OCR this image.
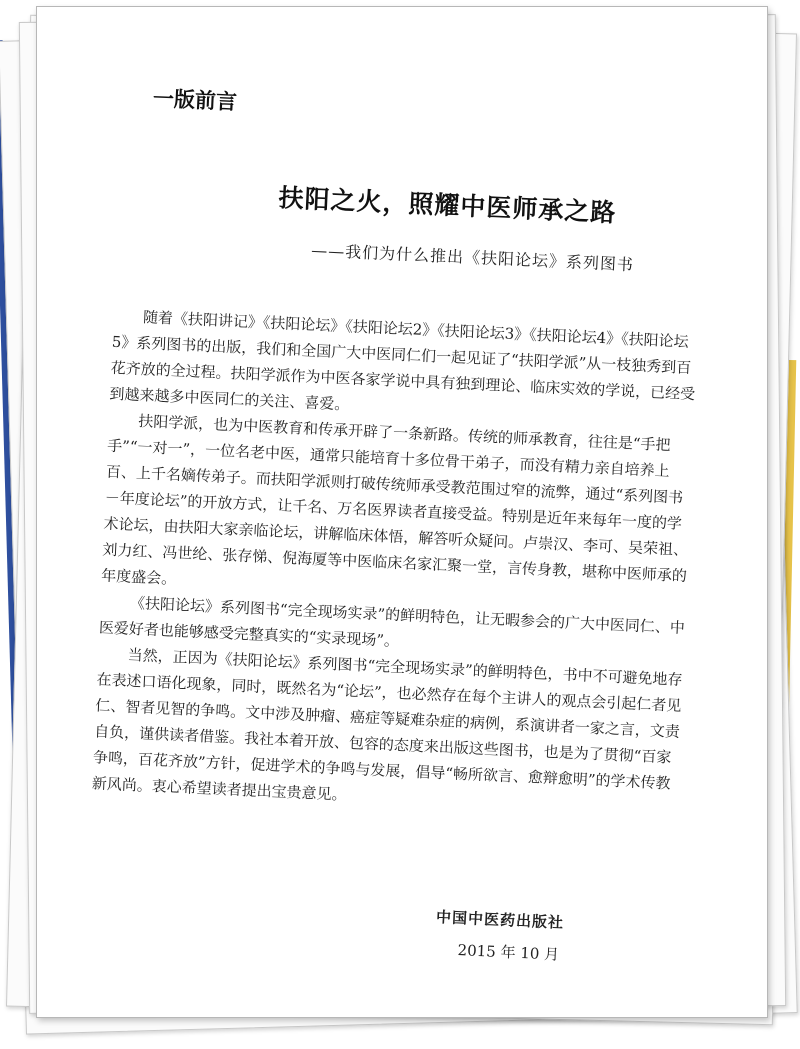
一版前言
扶阳之火，照耀中医师承之路
——我们为什么推出《扶阳论坛》系列图书

随着《扶阳讲记》《扶阳论坛》《扶阳论坛2》《扶阳论坛3》《扶阳论坛4》《扶阳论坛5》系列图书的出版，我们和全国广大中医同仁们一起见证了“扶阳学派”从一枝独秀到百花齐放的全过程。扶阳学派作为中医各家学说中具有独到理论、临床实效的学说，已经受到越来越多中医同仁的关注、喜爱。

扶阳学派，也为中医教育和传承开辟了一条新路。传统的师承教育，往往是“手把手”“一对一”，一位名老中医，通常只能培育十多位骨干弟子，而没有精力亲自培养上百、上千名嫡传弟子。而扶阳学派则打破传统师承受教范围过窄的流弊，通过“系列图书－年度论坛”的开放方式，让千名、万名医界读者直接受益。特别是近年来每年一度的学术论坛，由扶阳大家亲临论坛，讲解临床体悟，解答听众疑问。卢崇汉、李可、吴荣祖、刘力红、冯世纶、张存悌、倪海厦等中医临床名家汇聚一堂，言传身教，堪称中医师承的年度盛会。

《扶阳论坛》系列图书“完全现场实录”的鲜明特色，让无暇参会的广大中医同仁、中医爱好者也能够感受完整真实的“实录现场”。

当然，正因为《扶阳论坛》系列图书“完全现场实录”的鲜明特色，书中不可避免地存在表述口语化现象，同时，既然名为“论坛”，也必然存在每个主讲人的观点会引起仁者见仁、智者见智的争鸣。文中涉及肿瘤、癌症等疑难杂症的病例，系演讲者一家之言，文责自负，谨供读者借鉴。我社本着开放、包容的态度来出版这些图书，也是为了贯彻“百家争鸣，百花齐放”方针，促进学术的争鸣与发展，倡导“畅所欲言、愈辩愈明”的学术传教新风尚。衷心希望读者提出宝贵意见。

中国中医药出版社
2015 年 10 月
